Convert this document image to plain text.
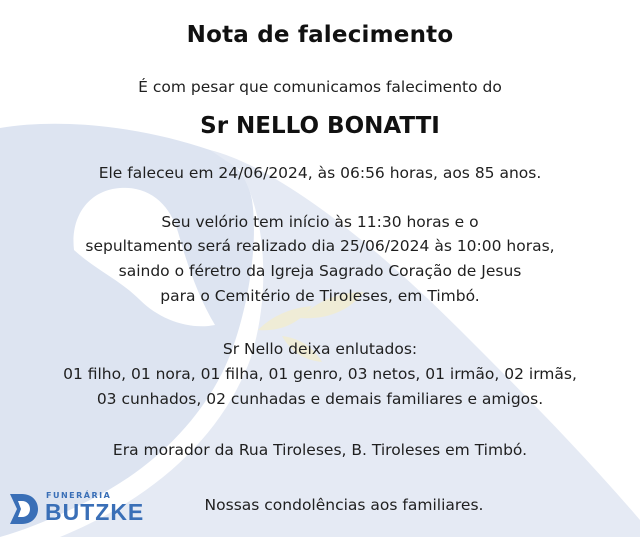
Nota de falecimento
É com pesar que comunicamos falecimento do
Sr NELLO BONATTI
Ele faleceu em 24/06/2024, às 06:56 horas, aos 85 anos.
Seu velório tem início às 11:30 horas e o
sepultamento será realizado dia 25/06/2024 às 10:00 horas,
saindo o féretro da Igreja Sagrado Coração de Jesus
para o Cemitério de Tiroleses, em Timbó.
Sr Nello deixa enlutados:
01 filho, 01 nora, 01 filha, 01 genro, 03 netos, 01 irmão, 02 irmãs,
03 cunhados, 02 cunhadas e demais familiares e amigos.
Era morador da Rua Tiroleses, B. Tiroleses em Timbó.
Nossas condolências aos familiares.
FUNERÁRIA
BUTZKE
